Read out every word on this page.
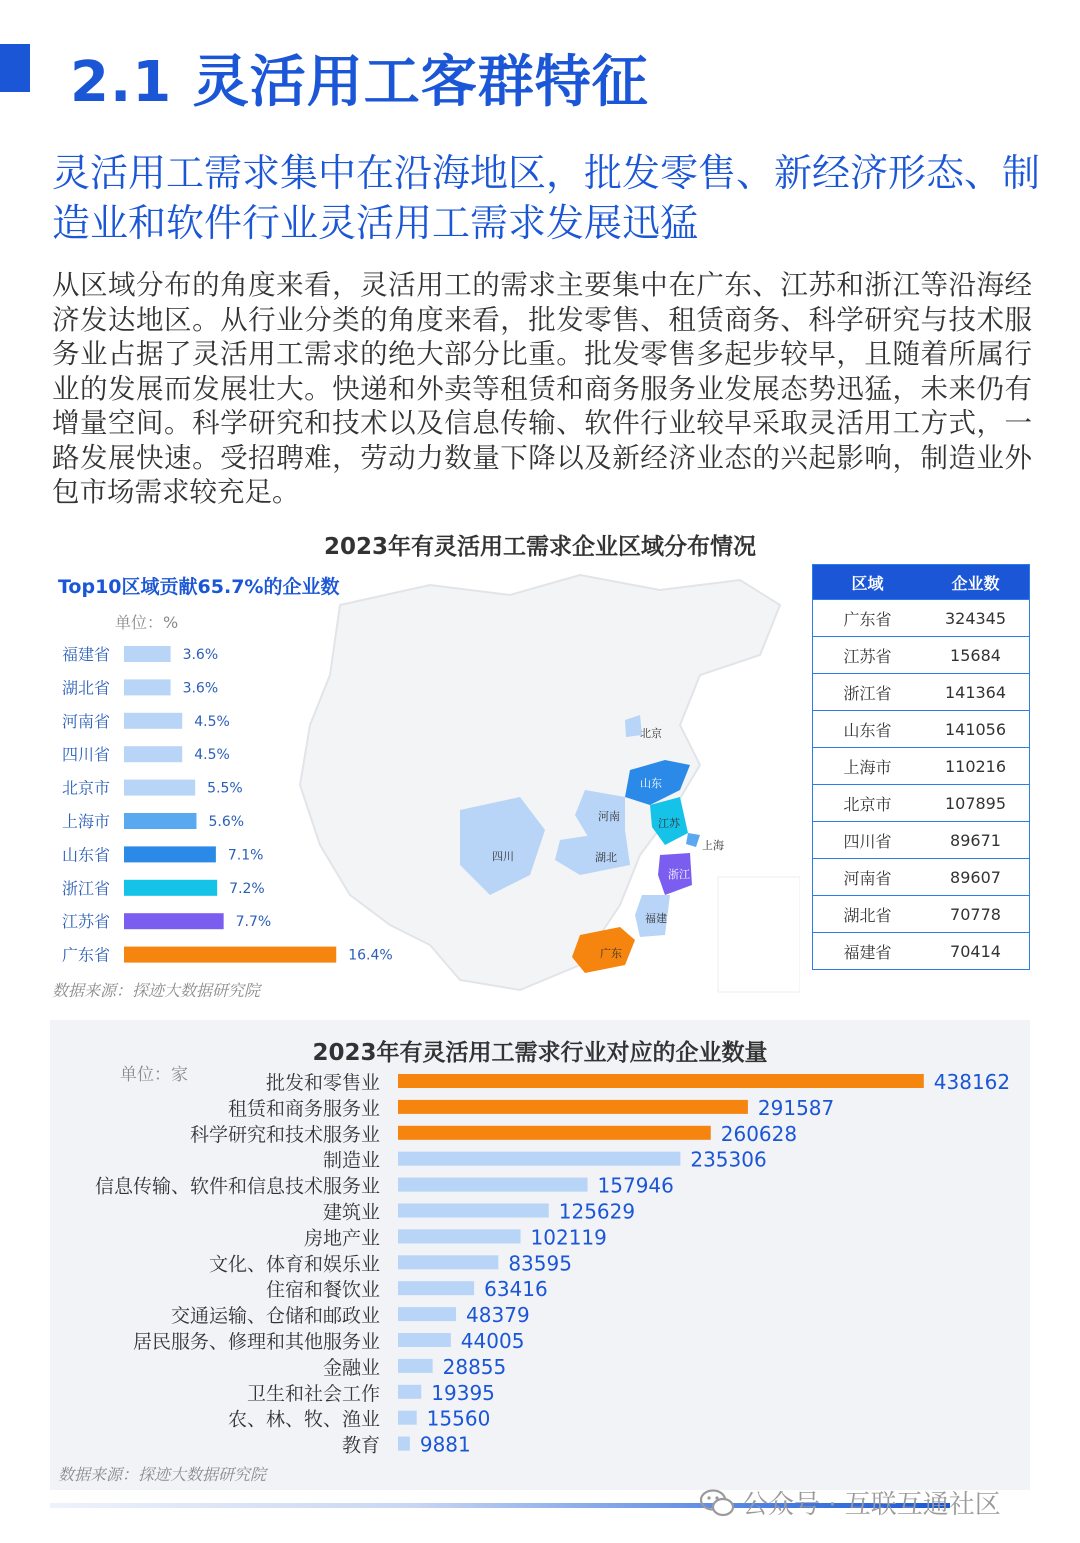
2.1 灵活用工客群特征
灵活用工需求集中在沿海地区，批发零售、新经济形态、制造业和软件行业灵活用工需求发展迅猛
从区域分布的角度来看，灵活用工的需求主要集中在广东、江苏和浙江等沿海经济发达地区。从行业分类的角度来看，批发零售、租赁商务、科学研究与技术服务业占据了灵活用工需求的绝大部分比重。批发零售多起步较早，且随着所属行业的发展而发展壮大。快递和外卖等租赁和商务服务业发展态势迅猛，未来仍有增量空间。科学研究和技术以及信息传输、软件行业较早采取灵活用工方式，一路发展快速。受招聘难，劳动力数量下降以及新经济业态的兴起影响，制造业外包市场需求较充足。
2023年有灵活用工需求企业区域分布情况
Top10区域贡献65.7%的企业数
北京
山东
河南
江苏
上海
四川	湖北
浙江
福建
广东
单位：%
福建省	3.6%
湖北省	3.6%
河南省	4.5%
四川省	4.5%
北京市	5.5%
上海市	5.6%
山东省	7.1%
浙江省	7.2%
江苏省	7.7%
广东省	16.4%
数据来源：探迹大数据研究院
区域	企业数
广东省	324345
江苏省	15684
浙江省	141364
山东省	141056
上海市	110216
北京市	107895
四川省	89671
河南省	89607
湖北省	70778
福建省	70414
2023年有灵活用工需求行业对应的企业数量
单位：家	批发和零售业	438162
租赁和商务服务业	291587
科学研究和技术服务业	260628
制造业	235306
信息传输、软件和信息技术服务业	157946
建筑业	125629
房地产业	102119
文化、体育和娱乐业	83595
住宿和餐饮业	63416
交通运输、仓储和邮政业	48379
居民服务、修理和其他服务业	44005
金融业	28855
卫生和社会工作	19395
农、林、牧、渔业 15560
教育 9881
数据来源：探迹大数据研究院
公众号 · 互联互通社区
